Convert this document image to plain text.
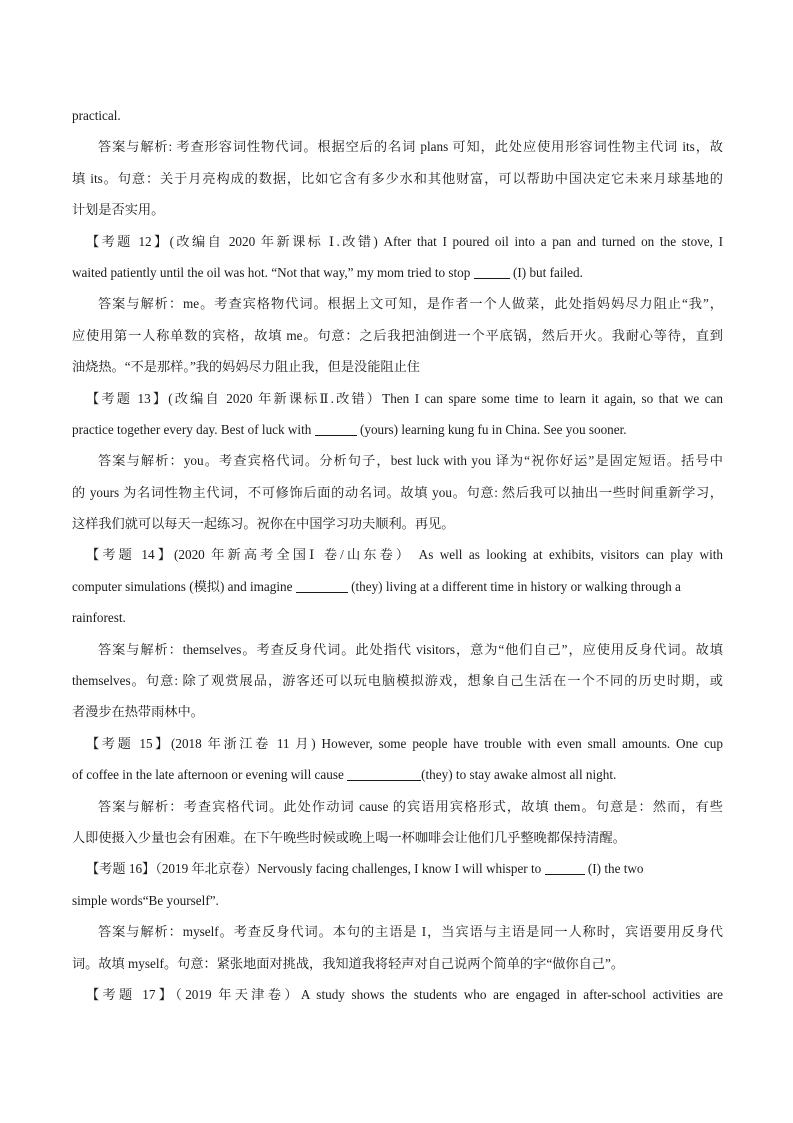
practical.
答案与解析: 考查形容词性物代词。根据空后的名词 plans 可知，此处应使用形容词性物主代词 its，故
填 its。句意：关于月亮构成的数据，比如它含有多少水和其他财富，可以帮助中国决定它未来月球基地的
计划是否实用。
【考题 12】(改编自 2020 年新课标 Ⅰ.改错) After that I poured oil into a pan and turned on the stove, I
waited patiently until the oil was hot. “Not that way,” my mom tried to stop	(I) but failed.
答案与解析：me。考查宾格物代词。根据上文可知，是作者一个人做菜，此处指妈妈尽力阻止“我”，
应使用第一人称单数的宾格，故填 me。句意：之后我把油倒进一个平底锅，然后开火。我耐心等待，直到
油烧热。“不是那样。”我的妈妈尽力阻止我，但是没能阻止住
【考题 13】(改编自 2020 年新课标Ⅱ.改错）Then I can spare some time to learn it again, so that we can
practice together every day. Best of luck with	(yours) learning kung fu in China. See you sooner.
答案与解析：you。考查宾格代词。分析句子，best luck with you 译为“祝你好运”是固定短语。括号中
的 yours 为名词性物主代词，不可修饰后面的动名词。故填 you。句意: 然后我可以抽出一些时间重新学习，
这样我们就可以每天一起练习。祝你在中国学习功夫顺利。再见。
【考题 14】(2020 年新高考全国Ⅰ 卷/山东卷） As well as looking at exhibits, visitors can play with
computer simulations (模拟) and imagine	(they) living at a different time in history or walking through a
rainforest.
答案与解析：themselves。考查反身代词。此处指代 visitors，意为“他们自己”，应使用反身代词。故填
themselves。句意: 除了观赏展品，游客还可以玩电脑模拟游戏，想象自己生活在一个不同的历史时期，或
者漫步在热带雨林中。
【考题 15】(2018 年浙江卷 11 月) However, some people have trouble with even small amounts. One cup
of coffee in the late afternoon or evening will cause	(they) to stay awake almost all night.
答案与解析：考查宾格代词。此处作动词 cause 的宾语用宾格形式，故填 them。句意是：然而，有些
人即使摄入少量也会有困难。在下午晚些时候或晚上喝一杯咖啡会让他们几乎整晚都保持清醒。
【考题 16】（2019 年北京卷）Nervously facing challenges, I know I will whisper to	(I) the two
simple words“Be yourself”.
答案与解析：myself。考查反身代词。本句的主语是 I，当宾语与主语是同一人称时，宾语要用反身代
词。故填 myself。句意：紧张地面对挑战，我知道我将轻声对自己说两个简单的字“做你自己”。
【考题 17】（2019 年天津卷）A study shows the students who are engaged in after-school activities are
